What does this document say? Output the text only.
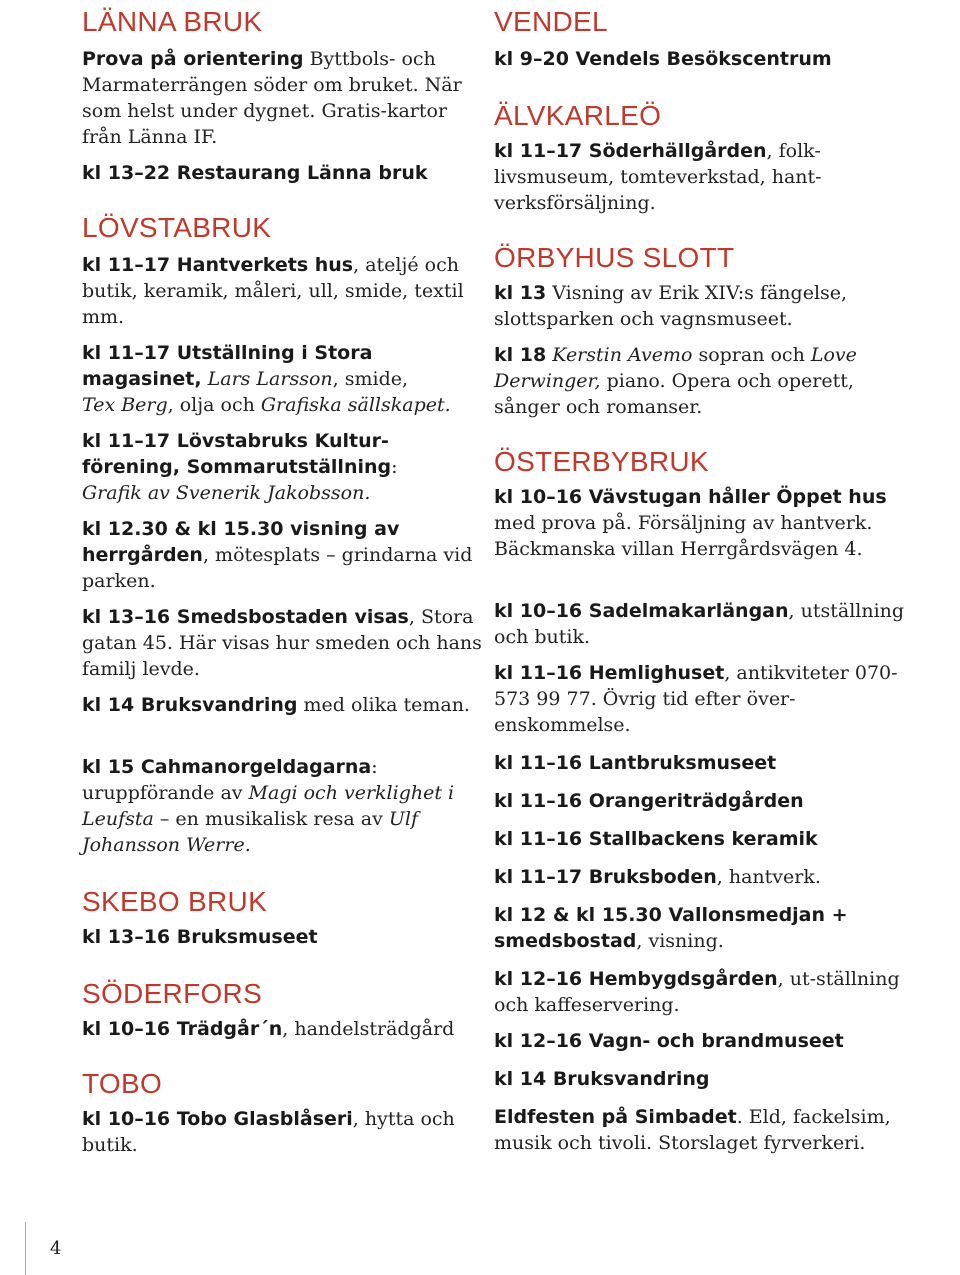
LÄNNA BRUK

Prova på orientering Byttbols- och Marmaterrängen söder om bruket. När som helst under dygnet. Gratis-kartor från Länna IF.

kl 13–22 Restaurang Länna bruk

LÖVSTABRUK

kl 11–17 Hantverkets hus, ateljé och butik, keramik, måleri, ull, smide, textil mm.

kl 11–17 Utställning i Stora magasinet, Lars Larsson, smide,
Tex Berg, olja och Grafiska sällskapet.

kl 11–17 Lövstabruks Kultur-förening, Sommarutställning:
Grafik av Svenerik Jakobsson.

kl 12.30 & kl 15.30 visning av herrgården, mötesplats – grindarna vid parken.

kl 13–16 Smedsbostaden visas, Stora gatan 45. Här visas hur smeden och hans familj levde.

kl 14 Bruksvandring med olika teman.

kl 15 Cahmanorgeldagarna: uruppförande av Magi och verklighet i Leufsta – en musikalisk resa av Ulf Johansson Werre.

SKEBO BRUK

kl 13–16 Bruksmuseet

SÖDERFORS

kl 10–16 Trädgår´n, handelsträdgård

TOBO

kl 10–16 Tobo Glasblåseri, hytta och butik.

VENDEL

kl 9–20 Vendels Besökscentrum

ÄLVKARLEÖ

kl 11–17 Söderhällgården, folk-livsmuseum, tomteverkstad, hant-verksförsäljning.

ÖRBYHUS SLOTT

kl 13 Visning av Erik XIV:s fängelse, slottsparken och vagnsmuseet.

kl 18 Kerstin Avemo sopran och Love Derwinger, piano. Opera och operett, sånger och romanser.

ÖSTERBYBRUK

kl 10–16 Vävstugan håller Öppet hus med prova på. Försäljning av hantverk. Bäckmanska villan Herrgårdsvägen 4.

kl 10–16 Sadelmakarlängan, utställning och butik.

kl 11–16 Hemlighuset, antikviteter 070-573 99 77. Övrig tid efter över-enskommelse.

kl 11–16 Lantbruksmuseet

kl 11–16 Orangeriträdgården

kl 11–16 Stallbackens keramik

kl 11–17 Bruksboden, hantverk.

kl 12 & kl 15.30 Vallonsmedjan + smedsbostad, visning.

kl 12–16 Hembygdsgården, ut-ställning och kaffeservering.

kl 12–16 Vagn- och brandmuseet

kl 14 Bruksvandring

Eldfesten på Simbadet. Eld, fackelsim, musik och tivoli. Storslaget fyrverkeri.

4
